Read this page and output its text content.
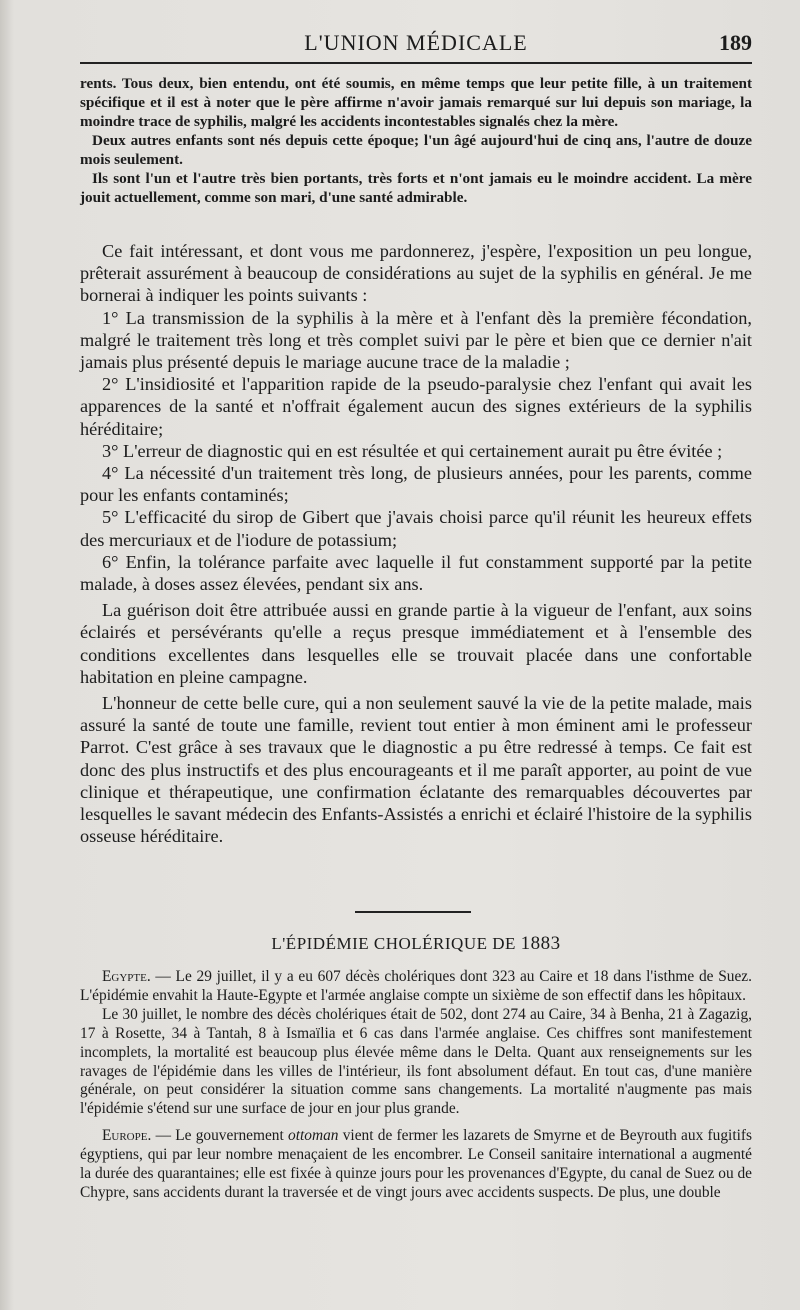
L'UNION MÉDICALE	189

rents. Tous deux, bien entendu, ont été soumis, en même temps que leur petite fille, à un traitement spécifique et il est à noter que le père affirme n'avoir jamais remarqué sur lui depuis son mariage, la moindre trace de syphilis, malgré les accidents incontestables signalés chez la mère.

Deux autres enfants sont nés depuis cette époque; l'un âgé aujourd'hui de cinq ans, l'autre de douze mois seulement.

Ils sont l'un et l'autre très bien portants, très forts et n'ont jamais eu le moindre accident. La mère jouit actuellement, comme son mari, d'une santé admirable.

Ce fait intéressant, et dont vous me pardonnerez, j'espère, l'exposition un peu longue, prêterait assurément à beaucoup de considérations au sujet de la syphilis en général. Je me bornerai à indiquer les points suivants :

1° La transmission de la syphilis à la mère et à l'enfant dès la première fécondation, malgré le traitement très long et très complet suivi par le père et bien que ce dernier n'ait jamais plus présenté depuis le mariage aucune trace de la maladie ;

2° L'insidiosité et l'apparition rapide de la pseudo-paralysie chez l'enfant qui avait les apparences de la santé et n'offrait également aucun des signes extérieurs de la syphilis héréditaire;

3° L'erreur de diagnostic qui en est résultée et qui certainement aurait pu être évitée ;

4° La nécessité d'un traitement très long, de plusieurs années, pour les parents, comme pour les enfants contaminés;

5° L'efficacité du sirop de Gibert que j'avais choisi parce qu'il réunit les heureux effets des mercuriaux et de l'iodure de potassium;

6° Enfin, la tolérance parfaite avec laquelle il fut constamment supporté par la petite malade, à doses assez élevées, pendant six ans.

La guérison doit être attribuée aussi en grande partie à la vigueur de l'enfant, aux soins éclairés et persévérants qu'elle a reçus presque immédiatement et à l'ensemble des conditions excellentes dans lesquelles elle se trouvait placée dans une confortable habitation en pleine campagne.

L'honneur de cette belle cure, qui a non seulement sauvé la vie de la petite malade, mais assuré la santé de toute une famille, revient tout entier à mon éminent ami le professeur Parrot. C'est grâce à ses travaux que le diagnostic a pu être redressé à temps. Ce fait est donc des plus instructifs et des plus encourageants et il me paraît apporter, au point de vue clinique et thérapeutique, une confirmation éclatante des remarquables découvertes par lesquelles le savant médecin des Enfants-Assistés a enrichi et éclairé l'histoire de la syphilis osseuse héréditaire.

L'ÉPIDÉMIE CHOLÉRIQUE DE 1883

Egypte. — Le 29 juillet, il y a eu 607 décès cholériques dont 323 au Caire et 18 dans l'isthme de Suez. L'épidémie envahit la Haute-Egypte et l'armée anglaise compte un sixième de son effectif dans les hôpitaux.

Le 30 juillet, le nombre des décès cholériques était de 502, dont 274 au Caire, 34 à Benha, 21 à Zagazig, 17 à Rosette, 34 à Tantah, 8 à Ismaïlia et 6 cas dans l'armée anglaise. Ces chiffres sont manifestement incomplets, la mortalité est beaucoup plus élevée même dans le Delta. Quant aux renseignements sur les ravages de l'épidémie dans les villes de l'intérieur, ils font absolument défaut. En tout cas, d'une manière générale, on peut considérer la situation comme sans changements. La mortalité n'augmente pas mais l'épidémie s'étend sur une surface de jour en jour plus grande.

Europe. — Le gouvernement ottoman vient de fermer les lazarets de Smyrne et de Beyrouth aux fugitifs égyptiens, qui par leur nombre menaçaient de les encombrer. Le Conseil sanitaire international a augmenté la durée des quarantaines; elle est fixée à quinze jours pour les provenances d'Egypte, du canal de Suez ou de Chypre, sans accidents durant la traversée et de vingt jours avec accidents suspects. De plus, une double
